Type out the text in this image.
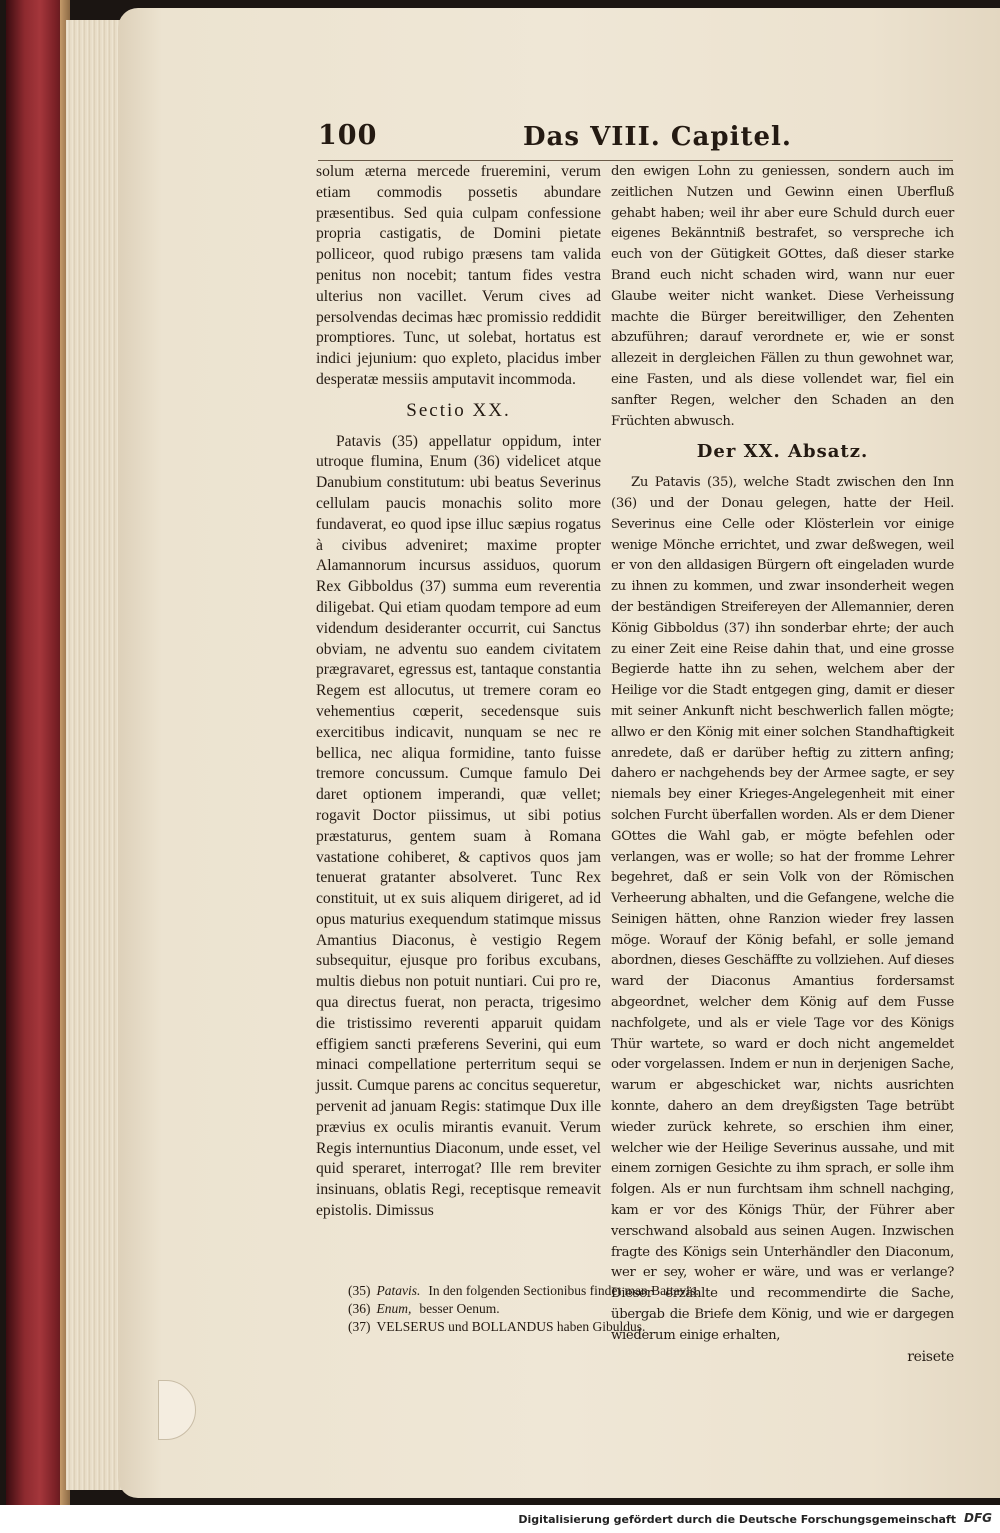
100	Das VIII. Capitel.

solum æterna mercede frueremini, verum etiam commodis possetis abundare præsentibus. Sed quia culpam confessione propria castigatis, de Domini pietate polliceor, quod rubigo præsens tam valida penitus non nocebit; tantum fides vestra ulterius non vacillet. Verum cives ad persolvendas decimas hæc promissio reddidit promptiores. Tunc, ut solebat, hortatus est indici jejunium: quo expleto, placidus imber desperatæ messiis amputavit incommoda.

Sectio XX.

Patavis (35) appellatur oppidum, inter utroque flumina, Enum (36) videlicet atque Danubium constitutum: ubi beatus Severinus cellulam paucis monachis solito more fundaverat, eo quod ipse illuc sæpius rogatus à civibus adveniret; maxime propter Alamannorum incursus assiduos, quorum Rex Gibboldus (37) summa eum reverentia diligebat. Qui etiam quodam tempore ad eum videndum desideranter occurrit, cui Sanctus obviam, ne adventu suo eandem civitatem prægravaret, egressus est, tantaque constantia Regem est allocutus, ut tremere coram eo vehementius cœperit, secedensque suis exercitibus indicavit, nunquam se nec re bellica, nec aliqua formidine, tanto fuisse tremore concussum. Cumque famulo Dei daret optionem imperandi, quæ vellet; rogavit Doctor piissimus, ut sibi potius præstaturus, gentem suam à Romana vastatione cohiberet, & captivos quos jam tenuerat gratanter absolveret. Tunc Rex constituit, ut ex suis aliquem dirigeret, ad id opus maturius exequendum statimque missus Amantius Diaconus, è vestigio Regem subsequitur, ejusque pro foribus excubans, multis diebus non potuit nuntiari. Cui pro re, qua directus fuerat, non peracta, trigesimo die tristissimo reverenti apparuit quidam effigiem sancti præferens Severini, qui eum minaci compellatione perterritum sequi se jussit. Cumque parens ac concitus sequeretur, pervenit ad januam Regis: statimque Dux ille prævius ex oculis mirantis evanuit. Verum Regis internuntius Diaconum, unde esset, vel quid speraret, interrogat? Ille rem breviter insinuans, oblatis Regi, receptisque remeavit epistolis. Dimissus

den ewigen Lohn zu geniessen, sondern auch im zeitlichen Nutzen und Gewinn einen Uberfluß gehabt haben; weil ihr aber eure Schuld durch euer eigenes Bekänntniß bestrafet, so verspreche ich euch von der Gütigkeit GOttes, daß dieser starke Brand euch nicht schaden wird, wann nur euer Glaube weiter nicht wanket. Diese Verheissung machte die Bürger bereitwilliger, den Zehenten abzuführen; darauf verordnete er, wie er sonst allezeit in dergleichen Fällen zu thun gewohnet war, eine Fasten, und als diese vollendet war, fiel ein sanfter Regen, welcher den Schaden an den Früchten abwusch.

Der XX. Absatz.

Zu Patavis (35), welche Stadt zwischen den Inn (36) und der Donau gelegen, hatte der Heil. Severinus eine Celle oder Klösterlein vor einige wenige Mönche errichtet, und zwar deßwegen, weil er von den alldasigen Bürgern oft eingeladen wurde zu ihnen zu kommen, und zwar insonderheit wegen der beständigen Streifereyen der Allemannier, deren König Gibboldus (37) ihn sonderbar ehrte; der auch zu einer Zeit eine Reise dahin that, und eine grosse Begierde hatte ihn zu sehen, welchem aber der Heilige vor die Stadt entgegen ging, damit er dieser mit seiner Ankunft nicht beschwerlich fallen mögte; allwo er den König mit einer solchen Standhaftigkeit anredete, daß er darüber heftig zu zittern anfing; dahero er nachgehends bey der Armee sagte, er sey niemals bey einer Krieges-Angelegenheit mit einer solchen Furcht überfallen worden. Als er dem Diener GOttes die Wahl gab, er mögte befehlen oder verlangen, was er wolle; so hat der fromme Lehrer begehret, daß er sein Volk von der Römischen Verheerung abhalten, und die Gefangene, welche die Seinigen hätten, ohne Ranzion wieder frey lassen möge. Worauf der König befahl, er solle jemand abordnen, dieses Geschäffte zu vollziehen. Auf dieses ward der Diaconus Amantius fordersamst abgeordnet, welcher dem König auf dem Fusse nachfolgete, und als er viele Tage vor des Königs Thür wartete, so ward er doch nicht angemeldet oder vorgelassen. Indem er nun in derjenigen Sache, warum er abgeschicket war, nichts ausrichten konnte, dahero an dem dreyßigsten Tage betrübt wieder zurück kehrete, so erschien ihm einer, welcher wie der Heilige Severinus aussahe, und mit einem zornigen Gesichte zu ihm sprach, er solle ihm folgen. Als er nun furchtsam ihm schnell nachging, kam er vor des Königs Thür, der Führer aber verschwand alsobald aus seinen Augen. Inzwischen fragte des Königs sein Unterhändler den Diaconum, wer er sey, woher er wäre, und was er verlange? Dieser erzählte und recommendirte die Sache, übergab die Briefe dem König, und wie er dargegen wiederum einige erhalten,

reisete

(35) Patavis. In den folgenden Sectionibus findet man Battavis.

(36) Enum, besser Oenum.

(37) VELSERUS und BOLLANDUS haben Gibuldus.

Digitalisierung gefördert durch die Deutsche Forschungsgemeinschaft DFG
